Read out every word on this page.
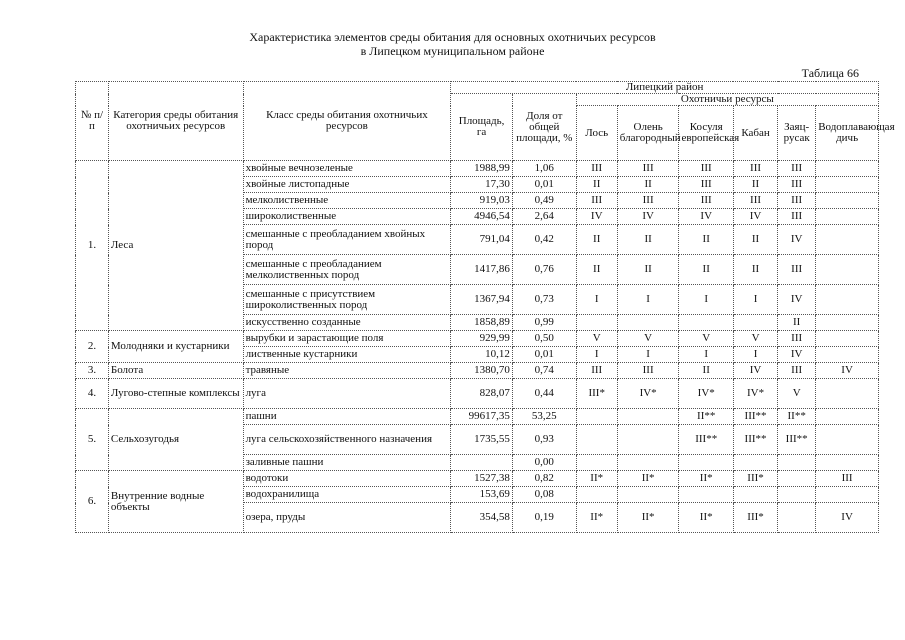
Характеристика элементов среды обитания для основных охотничьих ресурсов
в Липецком муниципальном районе
Таблица 66
№ п/п	Категория среды обитания охотничьих ресурсов	Класс среды обитания охотничьих ресурсов	Липецкий район							
			Площадь, га	Доля от общей площади, %	Охотничьи ресурсы					
					Лось	Олень благородный	Косуля европейская	Кабан	Заяц-русак	Водоплавающая дичь
1.	Леса	хвойные вечнозеленые	1988,99	1,06	III	III	III	III	III	
		хвойные листопадные	17,30	0,01	II	II	III	II	III	
		мелколиственные	919,03	0,49	III	III	III	III	III	
		широколиственные	4946,54	2,64	IV	IV	IV	IV	III	
		смешанные с преобладанием хвойных пород	791,04	0,42	II	II	II	II	IV	
		смешанные с преобладанием мелколиственных пород	1417,86	0,76	II	II	II	II	III	
		смешанные с присутствием широколиственных пород	1367,94	0,73	I	I	I	I	IV	
		искусственно созданные	1858,89	0,99					II	
2.	Молодняки и кустарники	вырубки и зарастающие поля	929,99	0,50	V	V	V	V	III	
		лиственные кустарники	10,12	0,01	I	I	I	I	IV	
3.	Болота	травяные	1380,70	0,74	III	III	II	IV	III	IV
4.	Лугово-степные комплексы	луга	828,07	0,44	III*	IV*	IV*	IV*	V	
5.	Сельхозугодья	пашни	99617,35	53,25			II**	III**	II**	
		луга сельскохозяйственного назначения	1735,55	0,93			III**	III**	III**	
		заливные пашни		0,00						
6.	Внутренние водные объекты	водотоки	1527,38	0,82	II*	II*	II*	III*		III
		водохранилища	153,69	0,08						
		озера, пруды	354,58	0,19	II*	II*	II*	III*		IV
